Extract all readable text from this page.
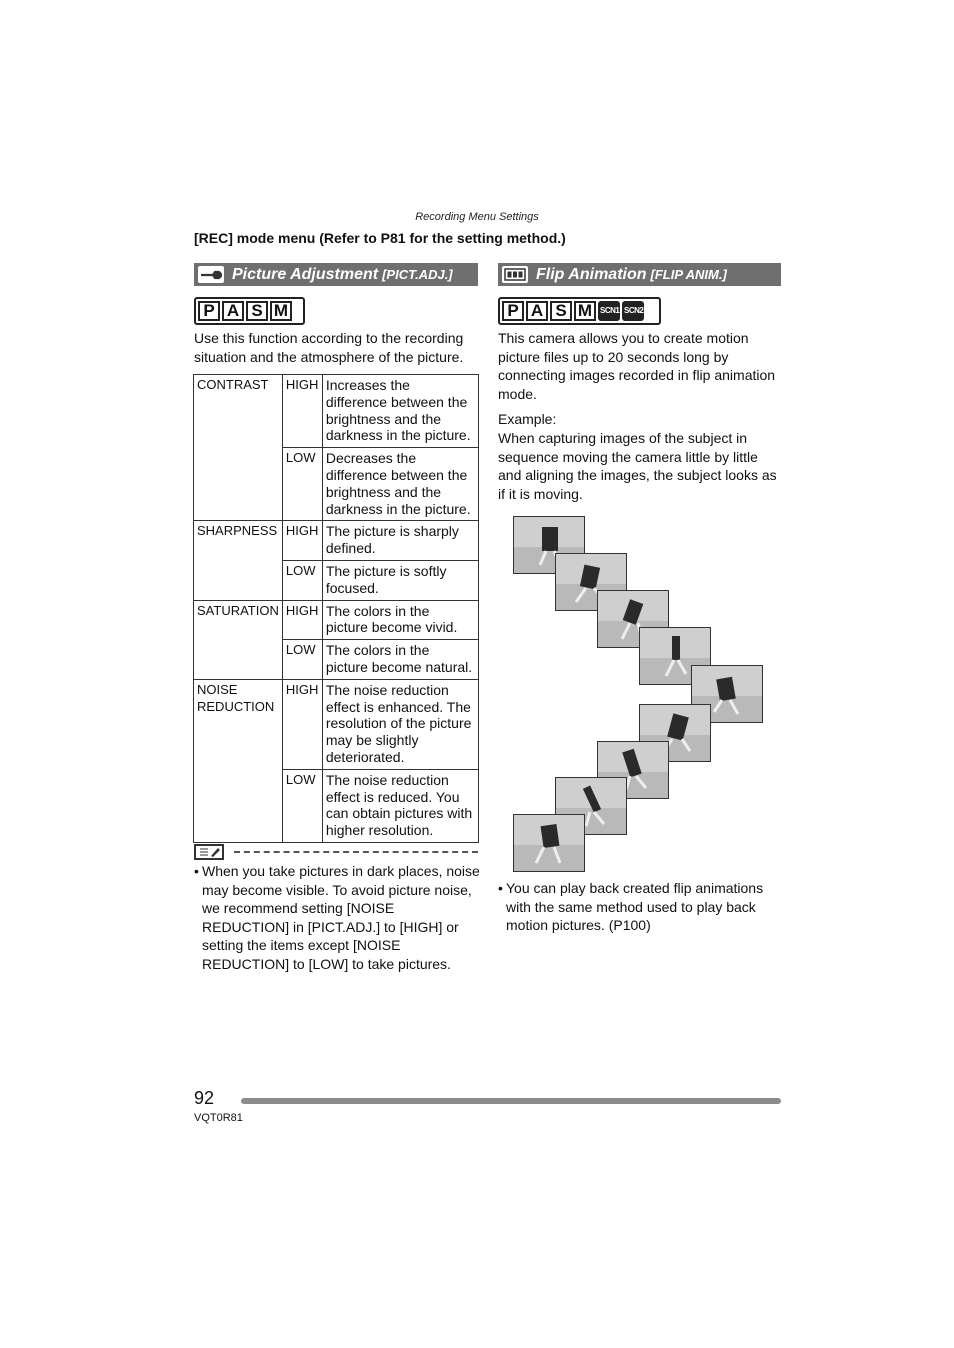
Recording Menu Settings
[REC] mode menu (Refer to P81 for the setting method.)
Picture Adjustment [PICT.ADJ.]
P A S M
Use this function according to the recording situation and the atmosphere of the picture.
CONTRAST	HIGH	Increases the difference between the brightness and the darkness in the picture.
	LOW	Decreases the difference between the brightness and the darkness in the picture.
SHARPNESS	HIGH	The picture is sharply defined.
	LOW	The picture is softly focused.
SATURATION	HIGH	The colors in the picture become vivid.
	LOW	The colors in the picture become natural.
NOISE REDUCTION	HIGH	The noise reduction effect is enhanced. The resolution of the picture may be slightly deteriorated.
	LOW	The noise reduction effect is reduced. You can obtain pictures with higher resolution.
• When you take pictures in dark places, noise may become visible. To avoid picture noise, we recommend setting [NOISE REDUCTION] in [PICT.ADJ.] to [HIGH] or setting the items except [NOISE REDUCTION] to [LOW] to take pictures.
Flip Animation [FLIP ANIM.]
P A S M SCN1 SCN2
This camera allows you to create motion picture files up to 20 seconds long by connecting images recorded in flip animation mode.
Example:
When capturing images of the subject in sequence moving the camera little by little and aligning the images, the subject looks as if it is moving.
• You can play back created flip animations with the same method used to play back motion pictures. (P100)
92
VQT0R81
